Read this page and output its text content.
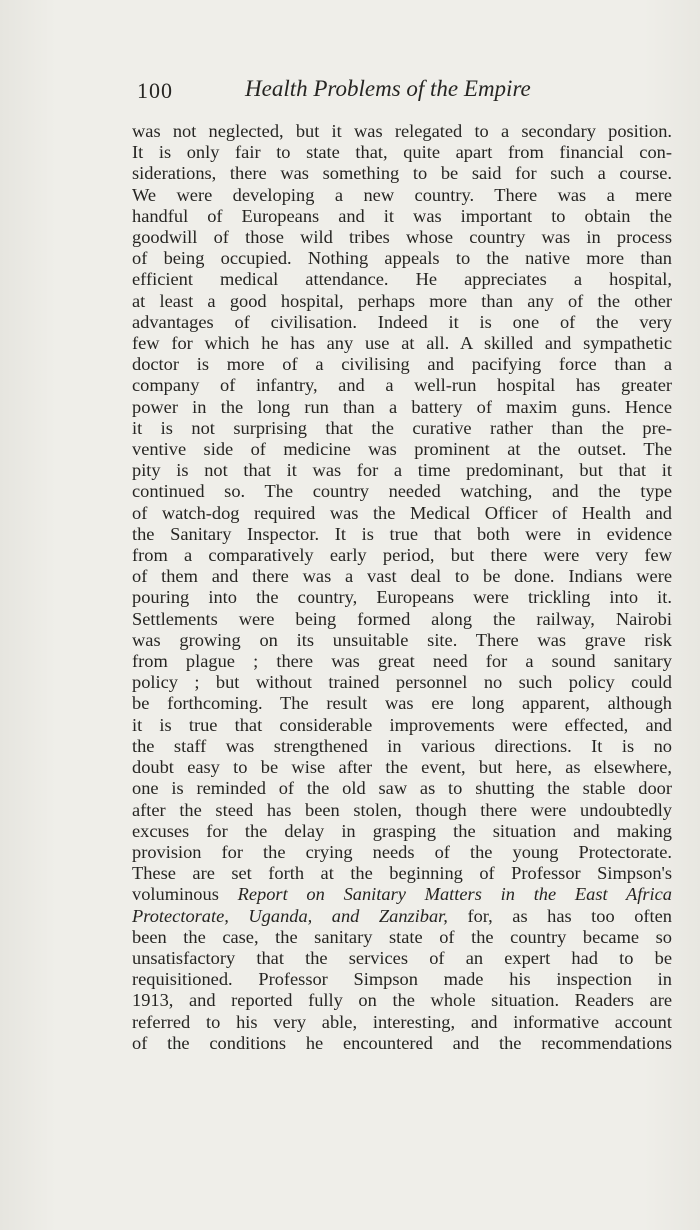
100	Health Problems of the Empire
was not neglected, but it was relegated to a secondary position.
It is only fair to state that, quite apart from financial con-
siderations, there was something to be said for such a course.
We were developing a new country. There was a mere
handful of Europeans and it was important to obtain the
goodwill of those wild tribes whose country was in process
of being occupied. Nothing appeals to the native more than
efficient medical attendance. He appreciates a hospital,
at least a good hospital, perhaps more than any of the other
advantages of civilisation. Indeed it is one of the very
few for which he has any use at all. A skilled and sympathetic
doctor is more of a civilising and pacifying force than a
company of infantry, and a well-run hospital has greater
power in the long run than a battery of maxim guns. Hence
it is not surprising that the curative rather than the pre-
ventive side of medicine was prominent at the outset. The
pity is not that it was for a time predominant, but that it
continued so. The country needed watching, and the type
of watch-dog required was the Medical Officer of Health and
the Sanitary Inspector. It is true that both were in evidence
from a comparatively early period, but there were very few
of them and there was a vast deal to be done. Indians were
pouring into the country, Europeans were trickling into it.
Settlements were being formed along the railway, Nairobi
was growing on its unsuitable site. There was grave risk
from plague ; there was great need for a sound sanitary
policy ; but without trained personnel no such policy could
be forthcoming. The result was ere long apparent, although
it is true that considerable improvements were effected, and
the staff was strengthened in various directions. It is no
doubt easy to be wise after the event, but here, as elsewhere,
one is reminded of the old saw as to shutting the stable door
after the steed has been stolen, though there were undoubtedly
excuses for the delay in grasping the situation and making
provision for the crying needs of the young Protectorate.
These are set forth at the beginning of Professor Simpson's
voluminous Report on Sanitary Matters in the East Africa
Protectorate, Uganda, and Zanzibar, for, as has too often
been the case, the sanitary state of the country became so
unsatisfactory that the services of an expert had to be
requisitioned. Professor Simpson made his inspection in
1913, and reported fully on the whole situation. Readers are
referred to his very able, interesting, and informative account
of the conditions he encountered and the recommendations
